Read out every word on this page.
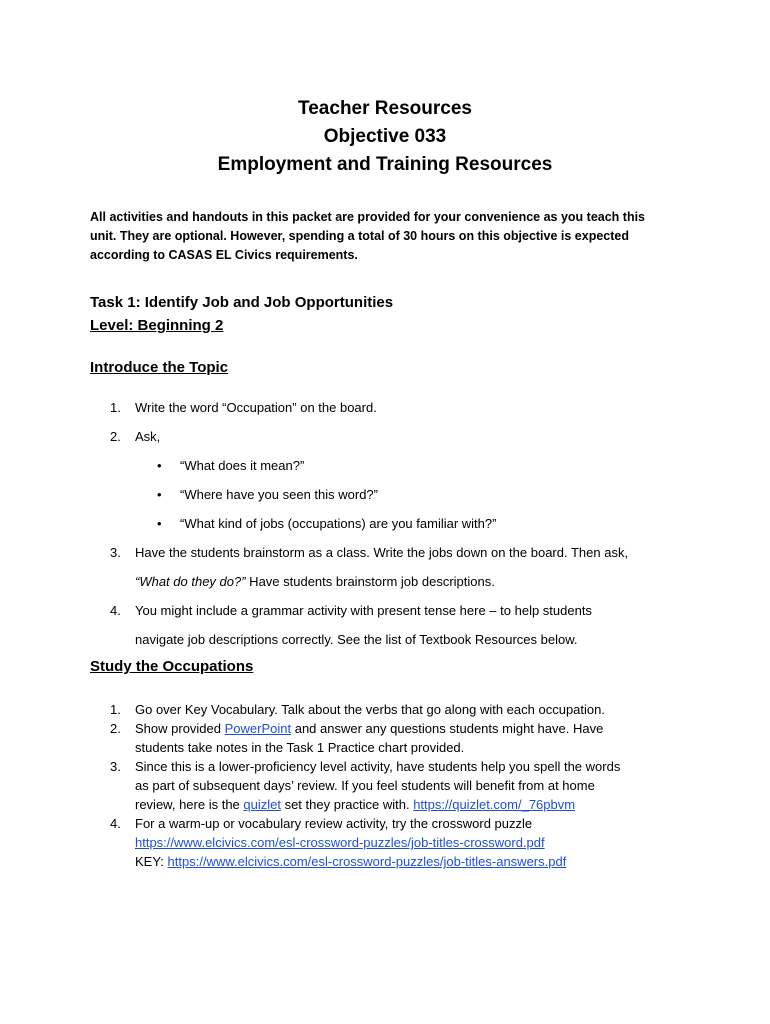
Teacher Resources
Objective 033
Employment and Training Resources
All activities and handouts in this packet are provided for your convenience as you teach this unit. They are optional. However, spending a total of 30 hours on this objective is expected according to CASAS EL Civics requirements.
Task 1: Identify Job and Job Opportunities
Level: Beginning 2
Introduce the Topic
1. Write the word “Occupation” on the board.
2. Ask,
• “What does it mean?”
• “Where have you seen this word?”
• “What kind of jobs (occupations) are you familiar with?”
3. Have the students brainstorm as a class. Write the jobs down on the board. Then ask,
“What do they do?” Have students brainstorm job descriptions.
4. You might include a grammar activity with present tense here – to help students
navigate job descriptions correctly. See the list of Textbook Resources below.
Study the Occupations
1. Go over Key Vocabulary. Talk about the verbs that go along with each occupation.
2. Show provided PowerPoint and answer any questions students might have. Have
students take notes in the Task 1 Practice chart provided.
3. Since this is a lower-proficiency level activity, have students help you spell the words
as part of subsequent days’ review. If you feel students will benefit from at home
review, here is the quizlet set they practice with. https://quizlet.com/_76pbvm
4. For a warm-up or vocabulary review activity, try the crossword puzzle
https://www.elcivics.com/esl-crossword-puzzles/job-titles-crossword.pdf
KEY: https://www.elcivics.com/esl-crossword-puzzles/job-titles-answers.pdf
